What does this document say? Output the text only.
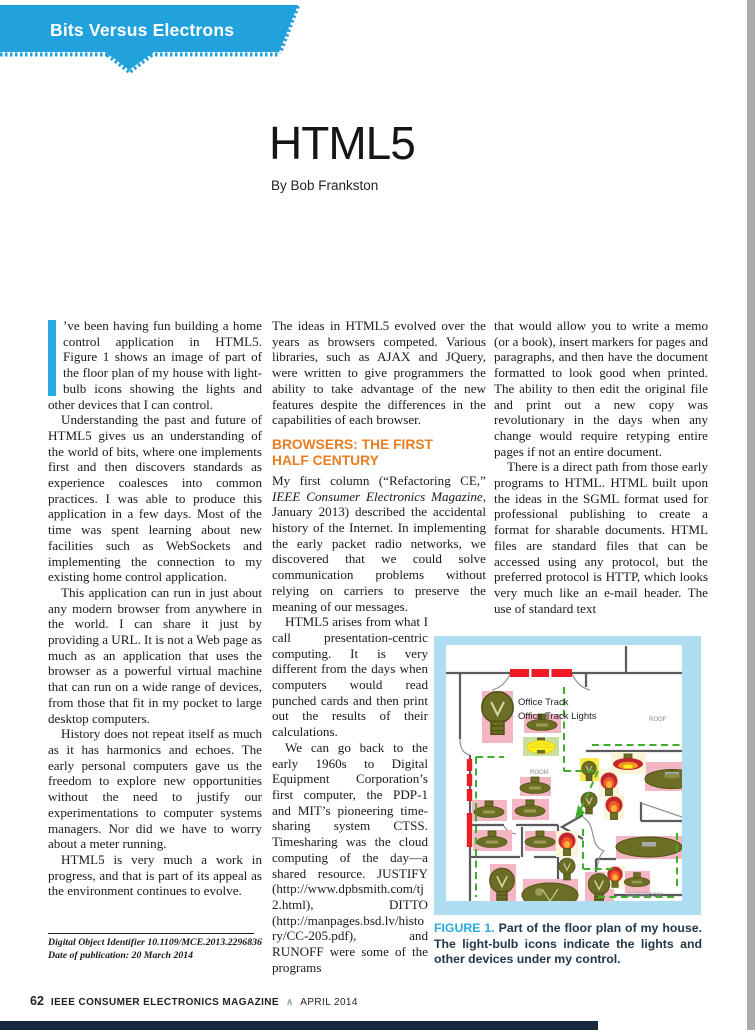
Bits Versus Electrons
HTML5

By Bob Frankston

’ve been having fun building a home control application in HTML5. Figure 1 shows an image of part of the floor plan of my house with light-bulb icons showing the lights and other devices that I can control.

Understanding the past and future of HTML5 gives us an understanding of the world of bits, where one implements first and then discovers standards as experience coalesces into common practices. I was able to produce this application in a few days. Most of the time was spent learning about new facilities such as WebSockets and implementing the connection to my existing home control application.

This application can run in just about any modern browser from anywhere in the world. I can share it just by providing a URL. It is not a Web page as much as an application that uses the browser as a powerful virtual machine that can run on a wide range of devices, from those that fit in my pocket to large desktop computers.

History does not repeat itself as much as it has harmonics and echoes. The early personal computers gave us the freedom to explore new opportunities without the need to justify our experimentations to computer systems managers. Nor did we have to worry about a meter running.

HTML5 is very much a work in progress, and that is part of its appeal as the environment continues to evolve.

The ideas in HTML5 evolved over the years as browsers competed. Various libraries, such as AJAX and JQuery, were written to give programmers the ability to take advantage of the new features despite the differences in the capabilities of each browser.

BROWSERS: THE FIRST
HALF CENTURY

My first column (“Refactoring CE,” IEEE Consumer Electronics Magazine, January 2013) described the accidental history of the Internet. In implementing the early packet radio networks, we discovered that we could solve communication problems without relying on carriers to preserve the meaning of our messages.

HTML5 arises from what I call presentation-centric computing. It is very different from the days when computers would read punched cards and then print out the results of their calculations.

We can go back to the early 1960s to Digital Equipment Corporation’s first computer, the PDP-1 and MIT’s pioneering time-sharing system CTSS. Timesharing was the cloud computing of the day—a shared resource. JUSTIFY (http://www.dpbsmith.com/tj2.html), DITTO (http://manpages.bsd.lv/history/CC-205.pdf), and RUNOFF were some of the programs

that would allow you to write a memo (or a book), insert markers for pages and paragraphs, and then have the document formatted to look good when printed. The ability to then edit the original file and print out a new copy was revolutionary in the days when any change would require retyping entire pages if not an entire document.

There is a direct path from those early programs to HTML. HTML built upon the ideas in the SGML format used for professional publishing to create a format for sharable documents. HTML files are standard files that can be accessed using any protocol, but the preferred protocol is HTTP, which looks very much like an e-mail header. The use of standard text

Digital Object Identifier 10.1109/MCE.2013.2296836
Date of publication: 20 March 2014
Office Track
Office Track Lights	ROOF
ROOM
BATHROOM

FIGURE 1. Part of the floor plan of my house. The light-bulb icons indicate the lights and other devices under my control.

62 IEEE CONSUMER ELECTRONICS MAGAZINE ∧ APRIL 2014
